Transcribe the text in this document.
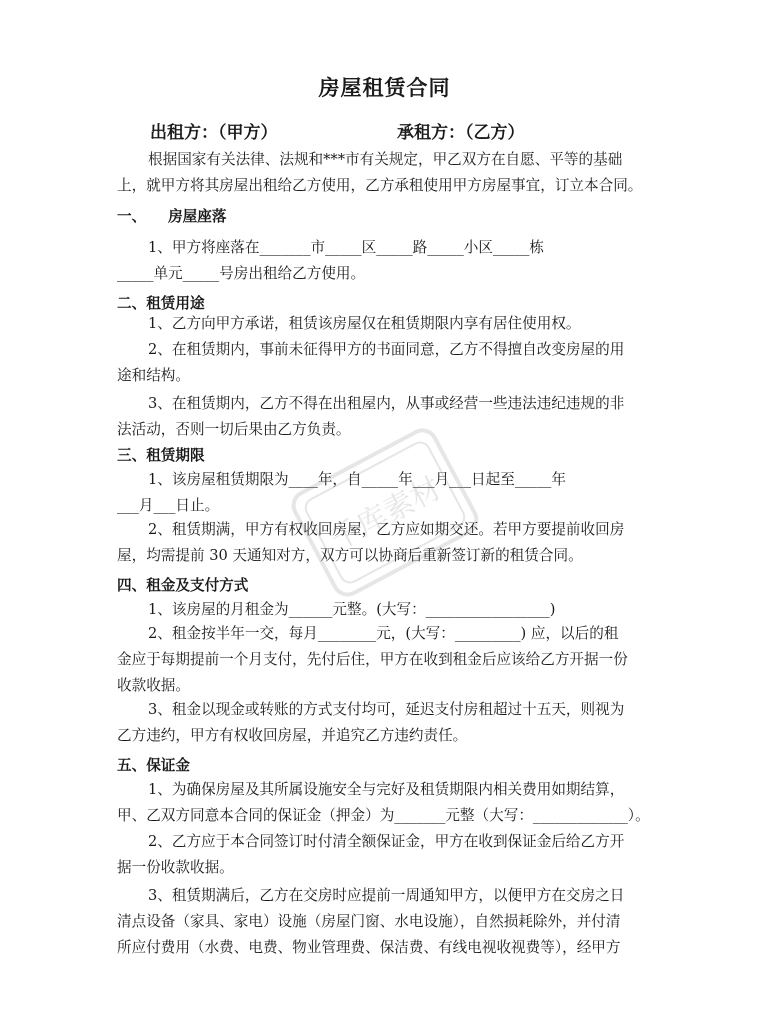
房屋租赁合同
出租方：（甲方）	承租方：（乙方）
根据国家有关法律、法规和***市有关规定，甲乙双方在自愿、平等的基础
上，就甲方将其房屋出租给乙方使用，乙方承租使用甲方房屋事宜，订立本合同。
一、　　房屋座落
1、甲方将座落在_______市_____区_____路_____小区_____栋
_____单元_____号房出租给乙方使用。
二、租赁用途
1、乙方向甲方承诺，租赁该房屋仅在租赁期限内享有居住使用权。
2、在租赁期内，事前未征得甲方的书面同意，乙方不得擅自改变房屋的用
途和结构。
3、在租赁期内，乙方不得在出租屋内，从事或经营一些违法违纪违规的非
法活动，否则一切后果由乙方负责。
三、租赁期限
1、该房屋租赁期限为____年，自_____年___月___日起至_____年
___月___日止。
2、租赁期满，甲方有权收回房屋，乙方应如期交还。若甲方要提前收回房
屋，均需提前 30 天通知对方，双方可以协商后重新签订新的租赁合同。
四、租金及支付方式
1、该房屋的月租金为______元整。(大写：_________________)
2、租金按半年一交，每月________元，(大写：_________) 应，以后的租
金应于每期提前一个月支付，先付后住，甲方在收到租金后应该给乙方开据一份
收款收据。
3、租金以现金或转账的方式支付均可，延迟支付房租超过十五天，则视为
乙方违约，甲方有权收回房屋，并追究乙方违约责任。
五、保证金
1、为确保房屋及其所属设施安全与完好及租赁期限内相关费用如期结算，
甲、乙双方同意本合同的保证金（押金）为_______元整（大写：_____________）。
2、乙方应于本合同签订时付清全额保证金，甲方在收到保证金后给乙方开
据一份收款收据。
3、租赁期满后，乙方在交房时应提前一周通知甲方，以便甲方在交房之日
清点设备（家具、家电）设施（房屋门窗、水电设施），自然损耗除外，并付清
所应付费用（水费、电费、物业管理费、保洁费、有线电视收视费等），经甲方
千库素材
